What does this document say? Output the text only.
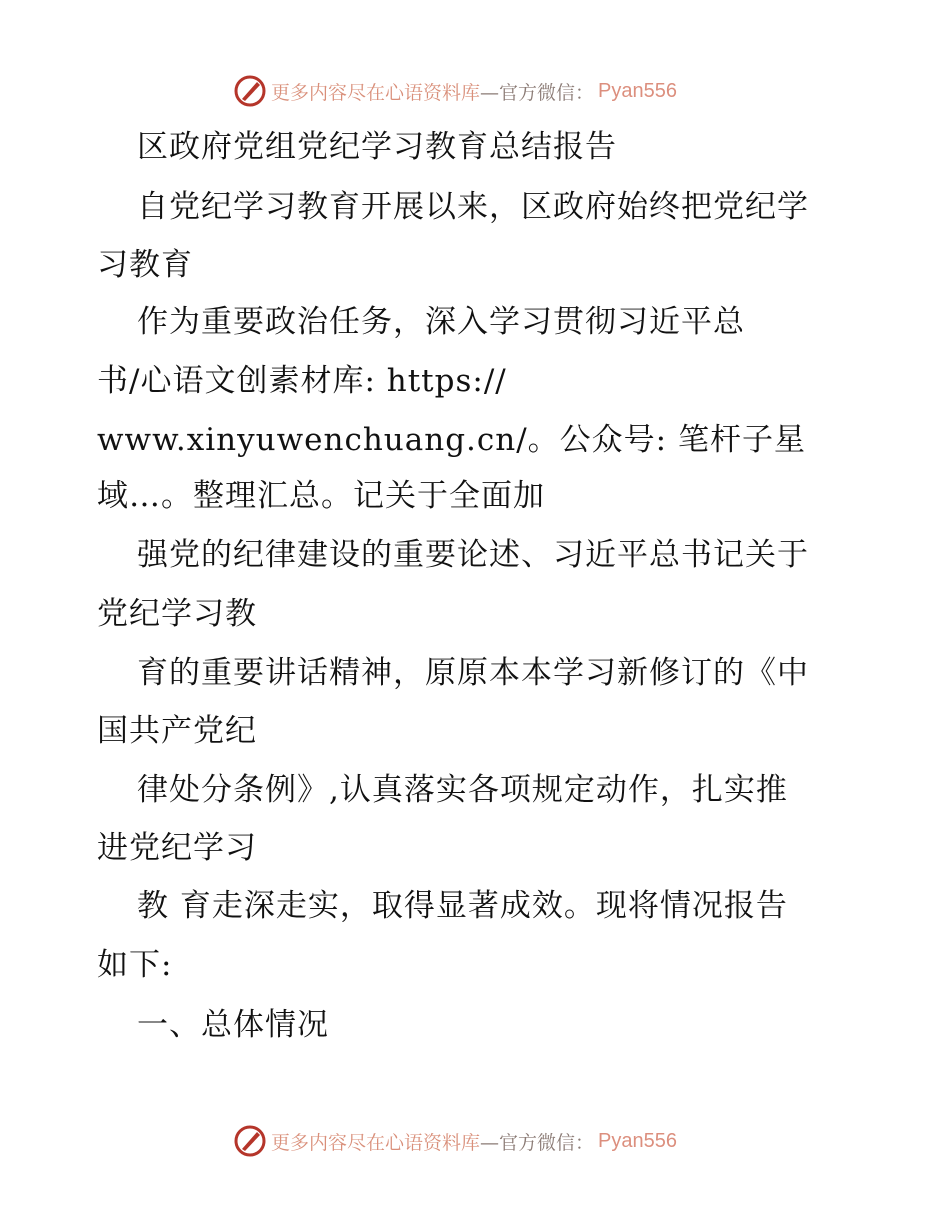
更多内容尽在心语资料库 —官方微信： Pyan556
区政府党组党纪学习教育总结报告
自党纪学习教育开展以来，区政府始终把党纪学
习教育
作为重要政治任务，深入学习贯彻习近平总
书/心语文创素材库: https://
www.xinyuwenchuang.cn/。公众号: 笔杆子星
域…。整理汇总。记关于全面加
强党的纪律建设的重要论述、习近平总书记关于
党纪学习教
育的重要讲话精神，原原本本学习新修订的《中
国共产党纪
律处分条例》,认真落实各项规定动作，扎实推
进党纪学习
教 育走深走实，取得显著成效。现将情况报告
如下:
一、总体情况
更多内容尽在心语资料库 —官方微信： Pyan556
